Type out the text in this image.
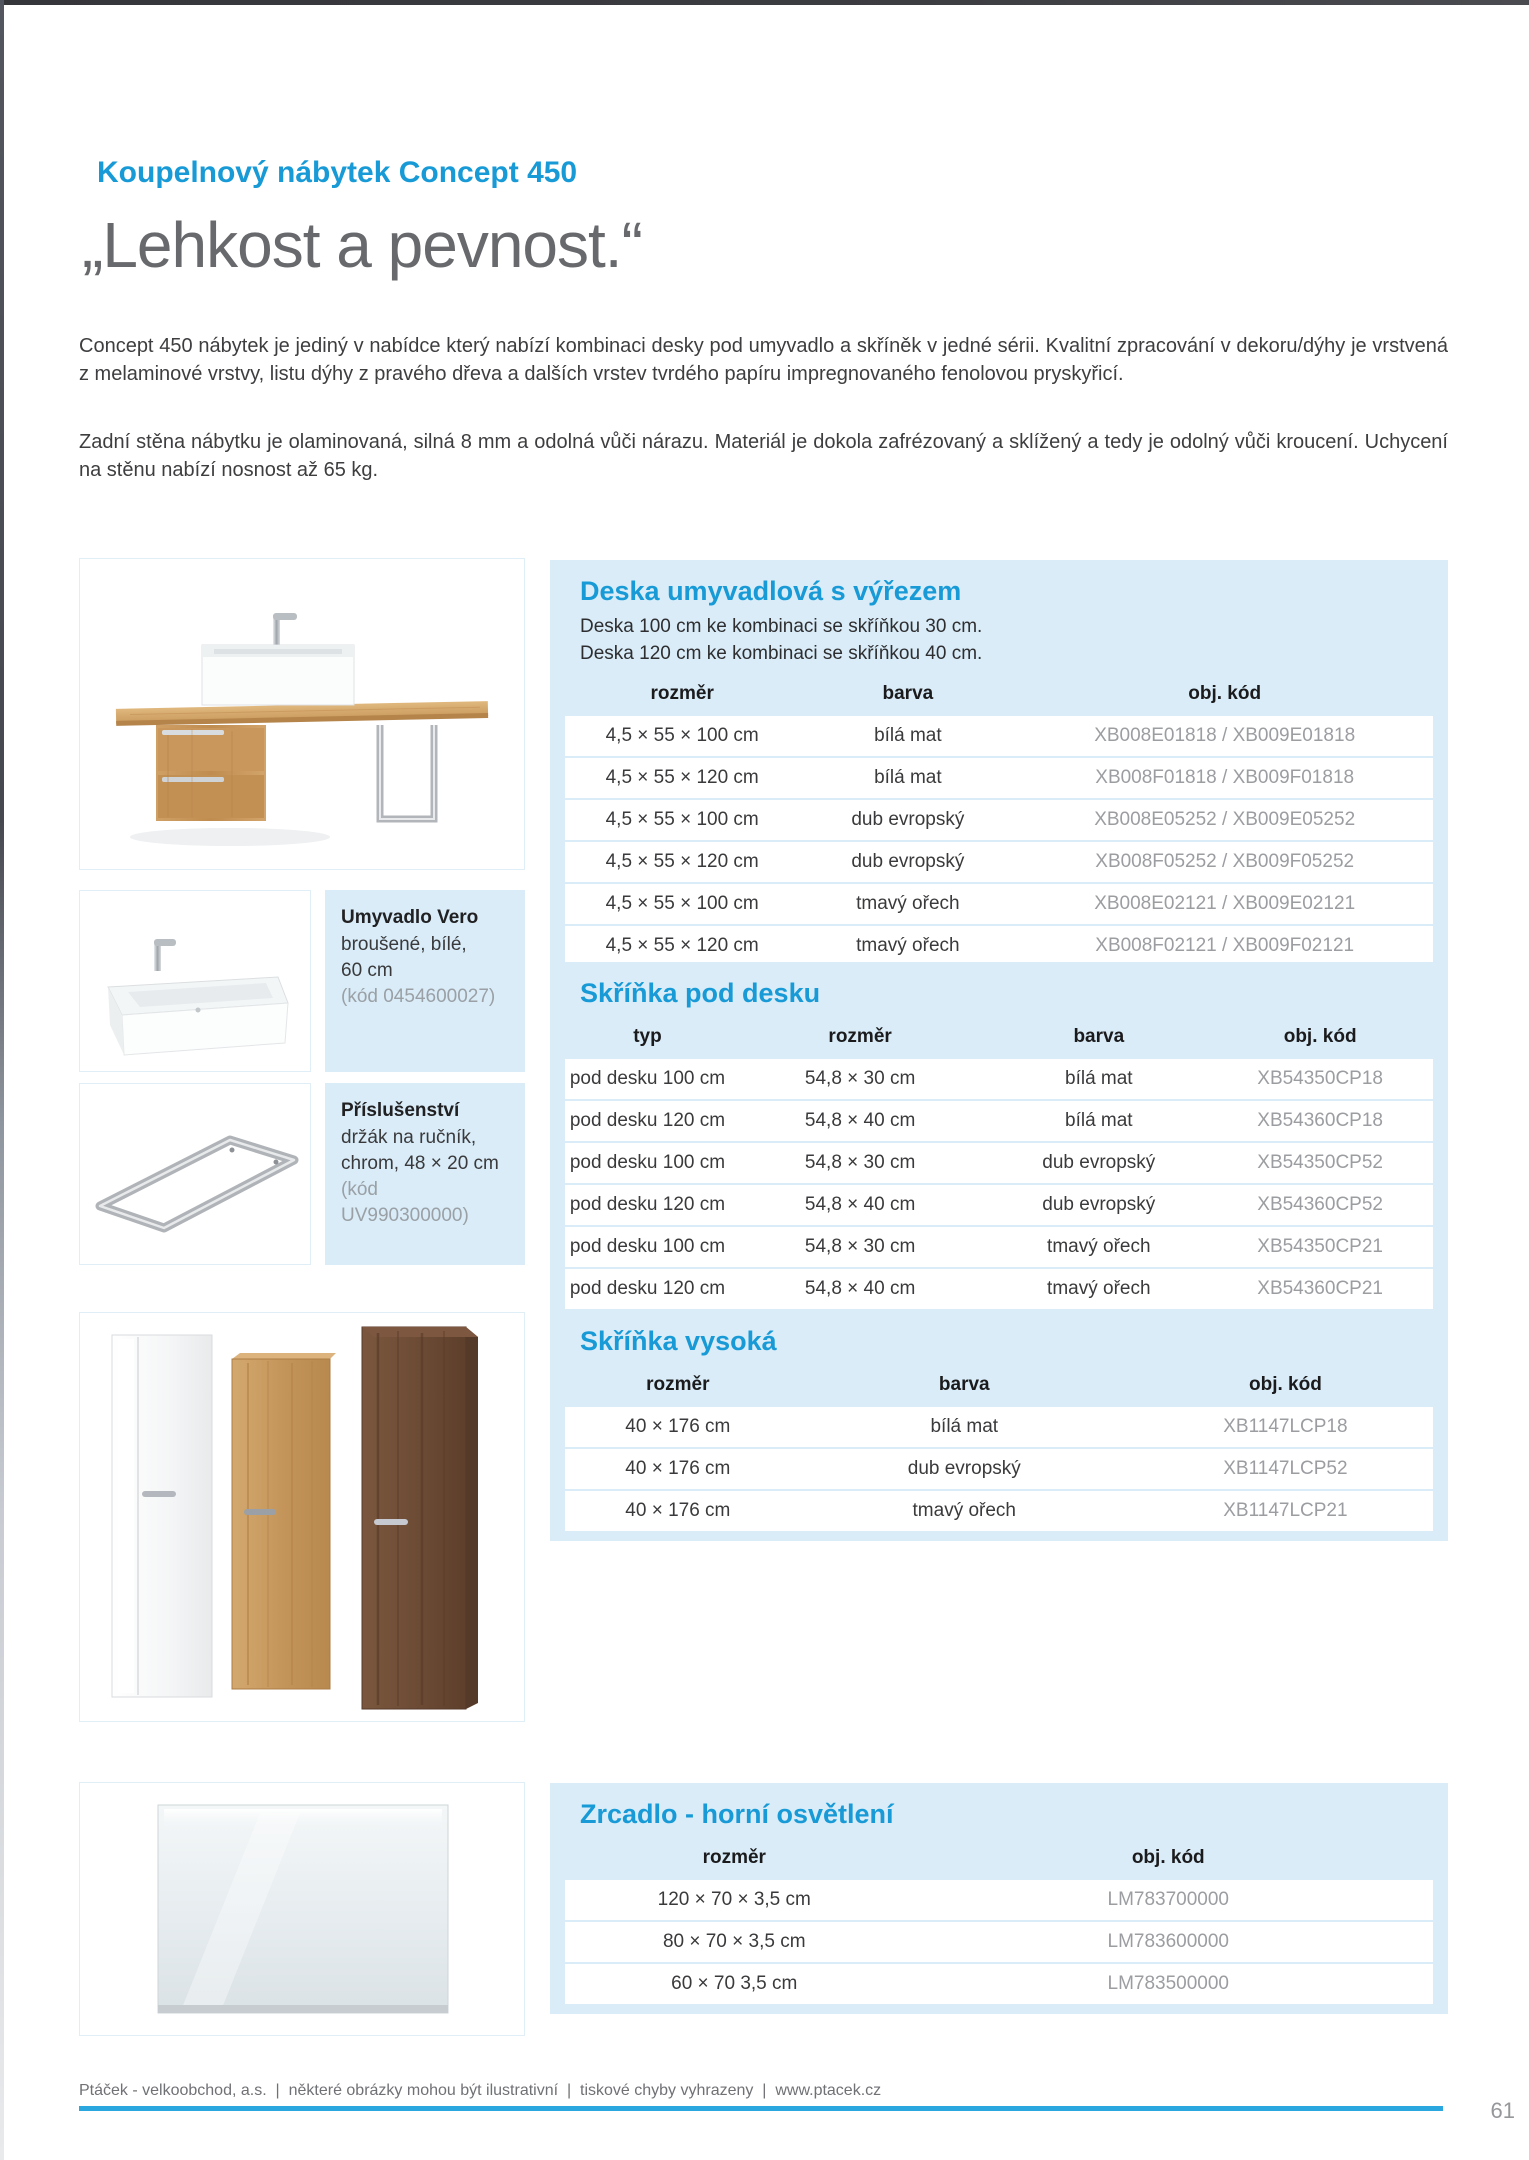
Koupelnový nábytek Concept 450
„Lehkost a pevnost.“

Concept 450 nábytek je jediný v nabídce který nabízí kombinaci desky pod umyvadlo a skříněk v jedné sérii. Kvalitní zpracování v dekoru/dýhy je vrstvená z melaminové vrstvy, listu dýhy z pravého dřeva a dalších vrstev tvrdého papíru impregnovaného fenolovou pryskyřicí.

Zadní stěna nábytku je olaminovaná, silná 8 mm a odolná vůči nárazu. Materiál je dokola zafrézovaný a sklížený a tedy je odolný vůči kroucení. Uchycení na stěnu nabízí nosnost až 65 kg.

Umyvadlo Vero
broušené, bílé,
60 cm
(kód 0454600027)
Příslušenství
držák na ručník,
chrom, 48 × 20 cm
(kód UV990300000)
Deska umyvadlová s výřezem

Deska 100 cm ke kombinaci se skříňkou 30 cm.

Deska 120 cm ke kombinaci se skříňkou 40 cm.

rozměr	barva	obj. kód
4,5 × 55 × 100 cm	bílá mat	XB008E01818 / XB009E01818
4,5 × 55 × 120 cm	bílá mat	XB008F01818 / XB009F01818
4,5 × 55 × 100 cm	dub evropský	XB008E05252 / XB009E05252
4,5 × 55 × 120 cm	dub evropský	XB008F05252 / XB009F05252
4,5 × 55 × 100 cm	tmavý ořech	XB008E02121 / XB009E02121
4,5 × 55 × 120 cm	tmavý ořech	XB008F02121 / XB009F02121
Skříňka pod desku
typ	rozměr	barva	obj. kód
pod desku 100 cm	54,8 × 30 cm	bílá mat	XB54350CP18
pod desku 120 cm	54,8 × 40 cm	bílá mat	XB54360CP18
pod desku 100 cm	54,8 × 30 cm	dub evropský	XB54350CP52
pod desku 120 cm	54,8 × 40 cm	dub evropský	XB54360CP52
pod desku 100 cm	54,8 × 30 cm	tmavý ořech	XB54350CP21
pod desku 120 cm	54,8 × 40 cm	tmavý ořech	XB54360CP21
Skříňka vysoká
rozměr	barva	obj. kód
40 × 176 cm	bílá mat	XB1147LCP18
40 × 176 cm	dub evropský	XB1147LCP52
40 × 176 cm	tmavý ořech	XB1147LCP21
Zrcadlo - horní osvětlení
rozměr	obj. kód
120 × 70 × 3,5 cm	LM783700000
80 × 70 × 3,5 cm	LM783600000
60 × 70 3,5 cm	LM783500000
Ptáček - velkoobchod, a.s.  |  některé obrázky mohou být ilustrativní  |  tiskové chyby vyhrazeny  |  www.ptacek.cz
61
